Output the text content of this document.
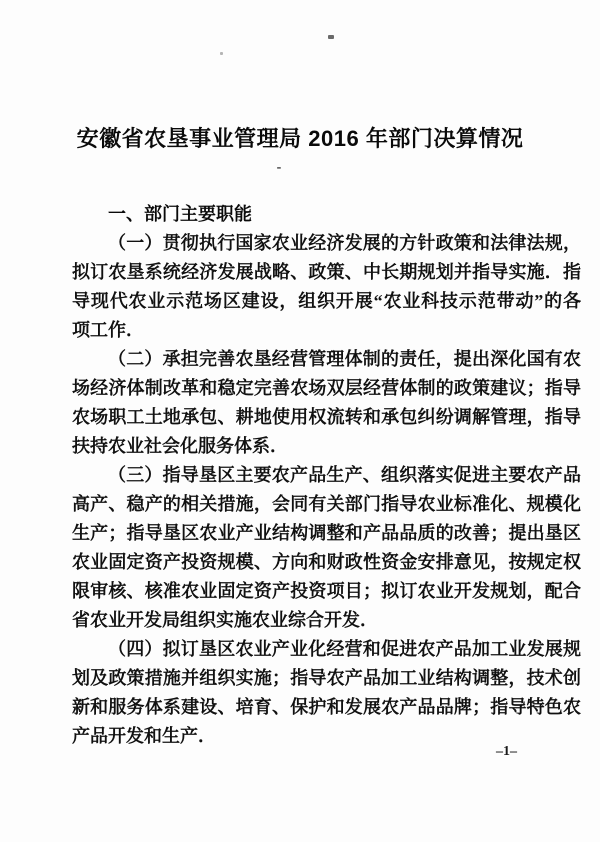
安徽省农垦事业管理局 2016 年部门决算情况
-
一、部门主要职能
（一）贯彻执行国家农业经济发展的方针政策和法律法规，
拟订农垦系统经济发展战略、政策、中长期规划并指导实施．指
导现代农业示范场区建设，组织开展“农业科技示范带动”的各
项工作．
（二）承担完善农垦经营管理体制的责任，提出深化国有农
场经济体制改革和稳定完善农场双层经营体制的政策建议；指导
农场职工土地承包、耕地使用权流转和承包纠纷调解管理，指导
扶持农业社会化服务体系．
（三）指导垦区主要农产品生产、组织落实促进主要农产品
高产、稳产的相关措施，会同有关部门指导农业标准化、规模化
生产；指导垦区农业产业结构调整和产品品质的改善；提出垦区
农业固定资产投资规模、方向和财政性资金安排意见，按规定权
限审核、核准农业固定资产投资项目；拟订农业开发规划，配合
省农业开发局组织实施农业综合开发．
（四）拟订垦区农业产业化经营和促进农产品加工业发展规
划及政策措施并组织实施；指导农产品加工业结构调整，技术创
新和服务体系建设、培育、保护和发展农产品品牌；指导特色农
产品开发和生产．
–1–
